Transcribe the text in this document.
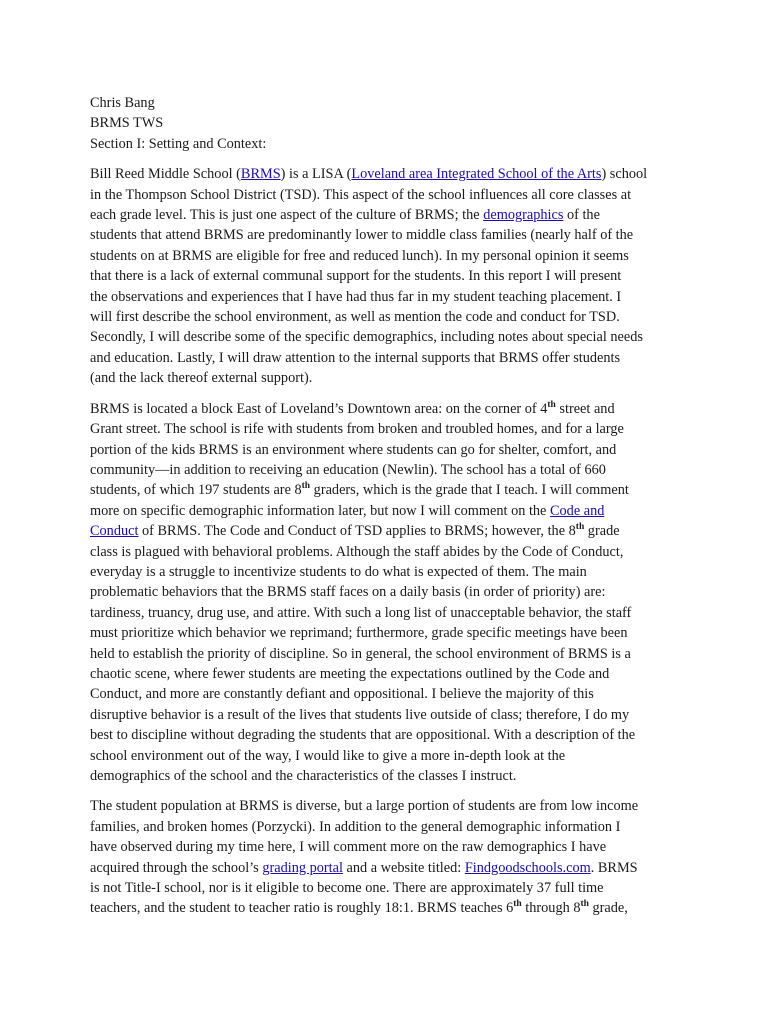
Chris Bang
BRMS TWS
Section I: Setting and Context:

Bill Reed Middle School (BRMS) is a LISA (Loveland area Integrated School of the Arts) school
in the Thompson School District (TSD). This aspect of the school influences all core classes at
each grade level. This is just one aspect of the culture of BRMS; the demographics of the
students that attend BRMS are predominantly lower to middle class families (nearly half of the
students on at BRMS are eligible for free and reduced lunch). In my personal opinion it seems
that there is a lack of external communal support for the students. In this report I will present
the observations and experiences that I have had thus far in my student teaching placement. I
will first describe the school environment, as well as mention the code and conduct for TSD.
Secondly, I will describe some of the specific demographics, including notes about special needs
and education. Lastly, I will draw attention to the internal supports that BRMS offer students
(and the lack thereof external support).

BRMS is located a block East of Loveland’s Downtown area: on the corner of 4th street and
Grant street. The school is rife with students from broken and troubled homes, and for a large
portion of the kids BRMS is an environment where students can go for shelter, comfort, and
community—in addition to receiving an education (Newlin). The school has a total of 660
students, of which 197 students are 8th graders, which is the grade that I teach. I will comment
more on specific demographic information later, but now I will comment on the Code and
Conduct of BRMS. The Code and Conduct of TSD applies to BRMS; however, the 8th grade
class is plagued with behavioral problems. Although the staff abides by the Code of Conduct,
everyday is a struggle to incentivize students to do what is expected of them. The main
problematic behaviors that the BRMS staff faces on a daily basis (in order of priority) are:
tardiness, truancy, drug use, and attire. With such a long list of unacceptable behavior, the staff
must prioritize which behavior we reprimand; furthermore, grade specific meetings have been
held to establish the priority of discipline. So in general, the school environment of BRMS is a
chaotic scene, where fewer students are meeting the expectations outlined by the Code and
Conduct, and more are constantly defiant and oppositional. I believe the majority of this
disruptive behavior is a result of the lives that students live outside of class; therefore, I do my
best to discipline without degrading the students that are oppositional. With a description of the
school environment out of the way, I would like to give a more in-depth look at the
demographics of the school and the characteristics of the classes I instruct.

The student population at BRMS is diverse, but a large portion of students are from low income
families, and broken homes (Porzycki). In addition to the general demographic information I
have observed during my time here, I will comment more on the raw demographics I have
acquired through the school’s grading portal and a website titled: Findgoodschools.com. BRMS
is not Title-I school, nor is it eligible to become one. There are approximately 37 full time
teachers, and the student to teacher ratio is roughly 18:1. BRMS teaches 6th through 8th grade,
